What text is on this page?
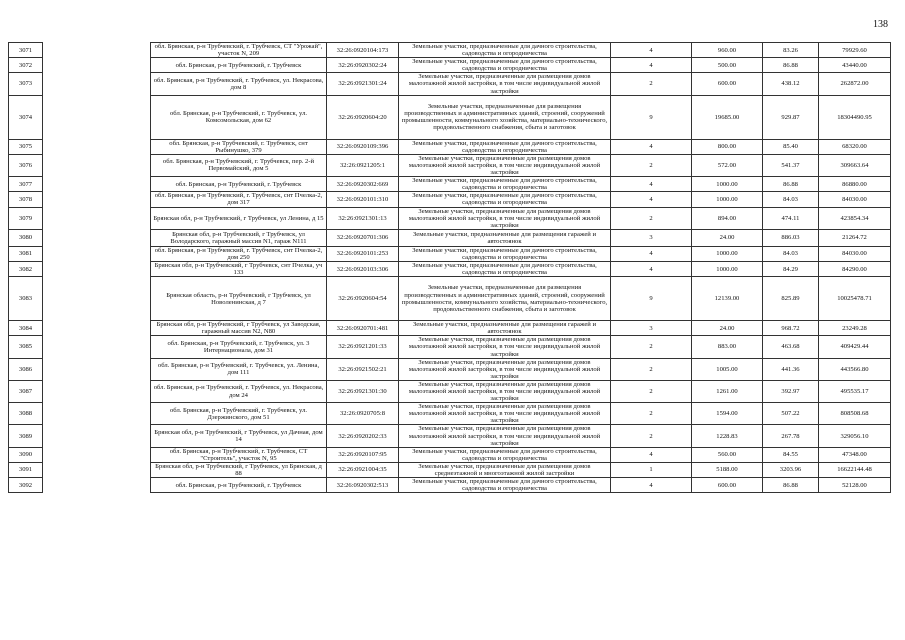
138
3071		обл. Брянская, р-н Трубчевский, г. Трубчевск, СТ "Урожай", участок N, 209	32:26:0920104:173	Земельные участки, предназначенные для дачного строительства, садоводства и огородничества	4	960.00	83.26	79929.60
3072		обл. Брянская, р-н Трубчевский, г. Трубчевск	32:26:0920302:24	Земельные участки, предназначенные для дачного строительства, садоводства и огородничества	4	500.00	86.88	43440.00
3073		обл. Брянская, р-н Трубчевский, г. Трубчевск, ул. Некрасова, дом 8	32:26:0921301:24	Земельные участки, предназначенные для размещения домов малоэтажной жилой застройки, в том числе индивидуальной жилой застройки	2	600.00	438.12	262872.00
3074		обл. Брянская, р-н Трубчевский, г. Трубчевск, ул. Комсомольская, дом 62	32:26:0920604:20	Земельные участки, предназначенные для размещения производственных и административных зданий, строений, сооружений промышленности, коммунального хозяйства, материально-технического, продовольственного снабжения, сбыта и заготовок	9	19685.00	929.87	18304490.95
3075		обл. Брянская, р-н Трубчевский, г. Трубчевск, снт Рыбинушко, 379	32:26:0920109:396	Земельные участки, предназначенные для дачного строительства, садоводства и огородничества	4	800.00	85.40	68320.00
3076		обл. Брянская, р-н Трубчевский, г. Трубчевск, пер. 2-й Первомайский, дом 5	32:26:0921205:1	Земельные участки, предназначенные для размещения домов малоэтажной жилой застройки, в том числе индивидуальной жилой застройки	2	572.00	541.37	309663.64
3077		обл. Брянская, р-н Трубчевский, г. Трубчевск	32:26:0920302:669	Земельные участки, предназначенные для дачного строительства, садоводства и огородничества	4	1000.00	86.88	86880.00
3078		обл. Брянская, р-н Трубчевский, г. Трубчевск, снт Пчелка-2, дом 317	32:26:0920101:310	Земельные участки, предназначенные для дачного строительства, садоводства и огородничества	4	1000.00	84.03	84030.00
3079		Брянская обл, р-н Трубчевский, г Трубчевск, ул Ленина, д 15	32:26:0921301:13	Земельные участки, предназначенные для размещения домов малоэтажной жилой застройки, в том числе индивидуальной жилой застройки	2	894.00	474.11	423854.34
3080		Брянская обл, р-н Трубчевский, г Трубчевск, ул Володарского, гаражный массив N1, гараж N111	32:26:0920701:306	Земельные участки, предназначенные для размещения гаражей и автостоянок	3	24.00	886.03	21264.72
3081		обл. Брянская, р-н Трубчевский, г. Трубчевск, снт Пчелка-2, дом 250	32:26:0920101:253	Земельные участки, предназначенные для дачного строительства, садоводства и огородничества	4	1000.00	84.03	84030.00
3082		Брянская обл, р-н Трубчевский, г Трубчевск, снт Пчелка, уч 133	32:26:0920103:306	Земельные участки, предназначенные для дачного строительства, садоводства и огородничества	4	1000.00	84.29	84290.00
3083		Брянская область, р-н Трубчевский, г Трубчевск, ул Новоленинская, д 7	32:26:0920604:54	Земельные участки, предназначенные для размещения производственных и административных зданий, строений, сооружений промышленности, коммунального хозяйства, материально-технического, продовольственного снабжения, сбыта и заготовок	9	12139.00	825.89	10025478.71
3084		Брянская обл, р-н Трубчевский, г Трубчевск, ул Заводская, гаражный массив N2, N80	32:26:0920701:481	Земельные участки, предназначенные для размещения гаражей и автостоянок	3	24.00	968.72	23249.28
3085		обл. Брянская, р-н Трубчевский, г. Трубчевск, ул. 3 Интернационала, дом 31	32:26:0921201:33	Земельные участки, предназначенные для размещения домов малоэтажной жилой застройки, в том числе индивидуальной жилой застройки	2	883.00	463.68	409429.44
3086		обл. Брянская, р-н Трубчевский, г. Трубчевск, ул. Ленина, дом 111	32:26:0921502:21	Земельные участки, предназначенные для размещения домов малоэтажной жилой застройки, в том числе индивидуальной жилой застройки	2	1005.00	441.36	443566.80
3087		обл. Брянская, р-н Трубчевский, г. Трубчевск, ул. Некрасова, дом 24	32:26:0921301:30	Земельные участки, предназначенные для размещения домов малоэтажной жилой застройки, в том числе индивидуальной жилой застройки	2	1261.00	392.97	495535.17
3088		обл. Брянская, р-н Трубчевский, г. Трубчевск, ул. Дзержинского, дом 51	32:26:0920705:8	Земельные участки, предназначенные для размещения домов малоэтажной жилой застройки, в том числе индивидуальной жилой застройки	2	1594.00	507.22	808508.68
3089		Брянская обл, р-н Трубчевский, г Трубчевск, ул Дачная, дом 14	32:26:0920202:33	Земельные участки, предназначенные для размещения домов малоэтажной жилой застройки, в том числе индивидуальной жилой застройки	2	1228.83	267.78	329056.10
3090		обл. Брянская, р-н Трубчевский, г. Трубчевск, СТ "Строитель", участок N, 95	32:26:0920107:95	Земельные участки, предназначенные для дачного строительства, садоводства и огородничества	4	560.00	84.55	47348.00
3091		Брянская обл, р-н Трубчевский, г Трубчевск, ул Брянская, д 88	32:26:0921004:35	Земельные участки, предназначенные для размещения домов среднеэтажной и многоэтажной жилой застройки	1	5188.00	3203.96	16622144.48
3092		обл. Брянская, р-н Трубчевский, г. Трубчевск	32:26:0920302:513	Земельные участки, предназначенные для дачного строительства, садоводства и огородничества	4	600.00	86.88	52128.00
